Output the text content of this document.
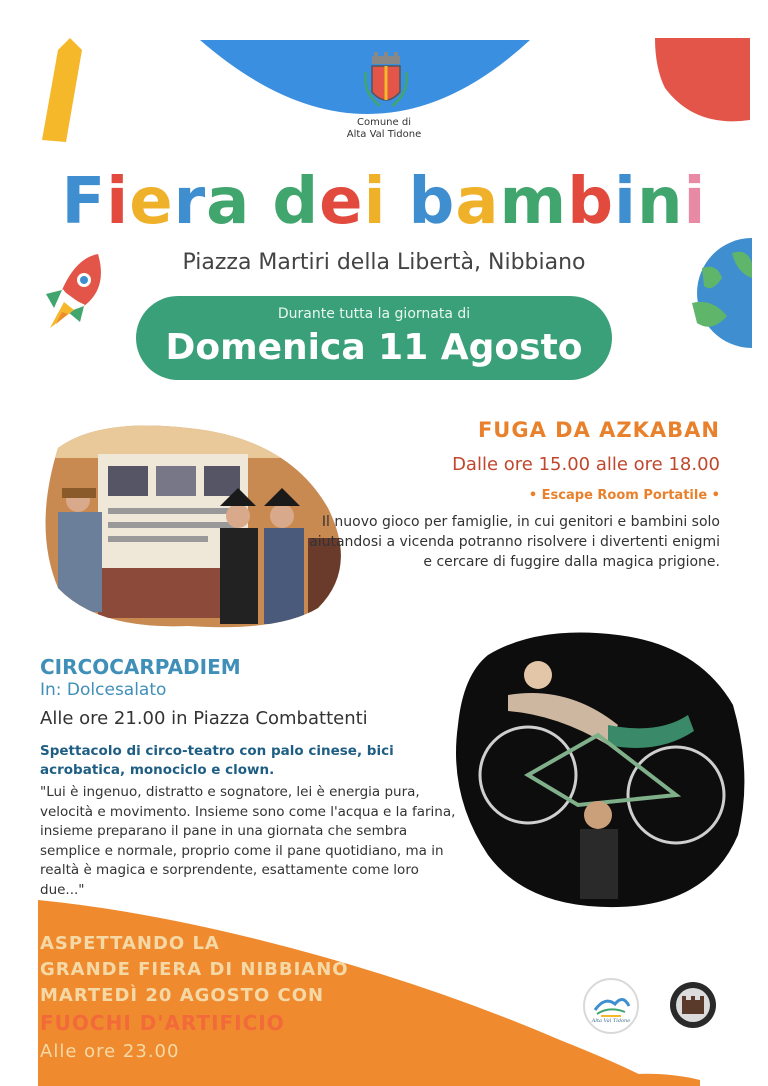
Comune di
Alta Val Tidone
Fiera dei bambini
Piazza Martiri della Libertà, Nibbiano
Durante tutta la giornata di
Domenica 11 Agosto
FUGA DA AZKABAN
Dalle ore 15.00 alle ore 18.00
• Escape Room Portatile •
Il nuovo gioco per famiglie, in cui genitori e bambini solo aiutandosi a vicenda potranno risolvere i divertenti enigmi e cercare di fuggire dalla magica prigione.
CIRCOCARPADIEM
In: Dolcesalato
Alle ore 21.00 in Piazza Combattenti
Spettacolo di circo-teatro con palo cinese, bici acrobatica, monociclo e clown.
"Lui è ingenuo, distratto e sognatore, lei è energia pura, velocità e movimento. Insieme sono come l'acqua e la farina, insieme preparano il pane in una giornata che sembra semplice e normale, proprio come il pane quotidiano, ma in realtà è magica e sorprendente, esattamente come loro due..."
ASPETTANDO LA
GRANDE FIERA DI NIBBIANO
MARTEDÌ 20 AGOSTO CON
FUOCHI D'ARTIFICIO
Alle ore 23.00
Alta Val Tidone
